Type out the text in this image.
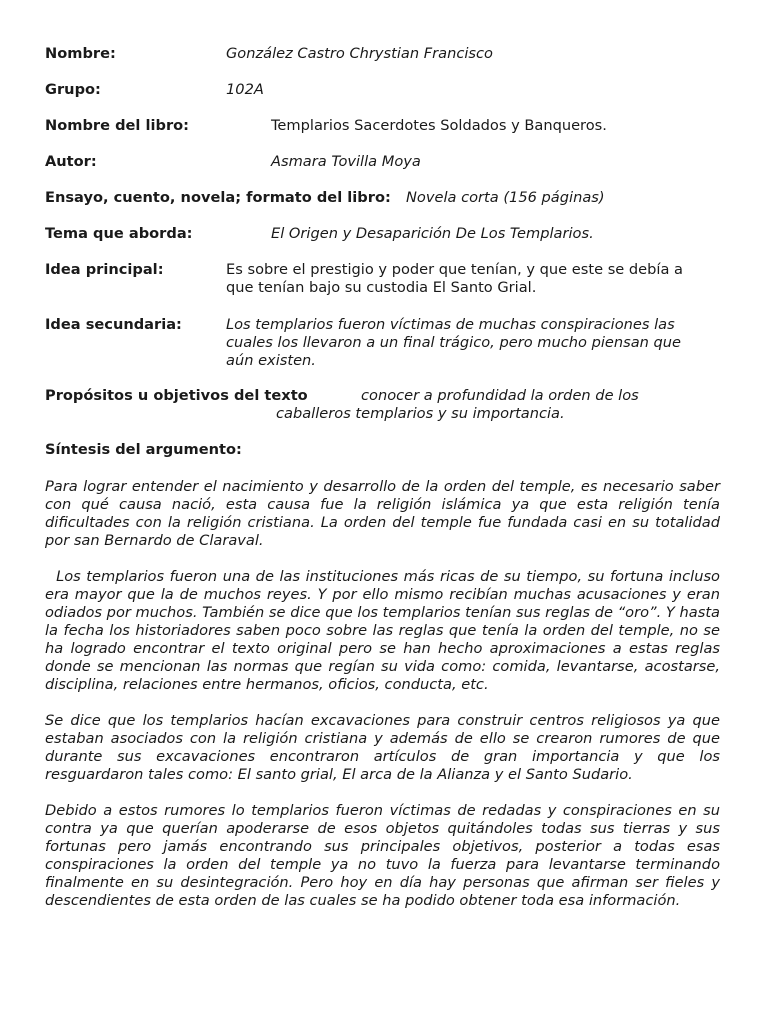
Nombre:	González Castro Chrystian Francisco
Grupo:	102A
Nombre del libro:	Templarios Sacerdotes Soldados y Banqueros.
Autor:	Asmara Tovilla Moya
Ensayo, cuento, novela; formato del libro: Novela corta (156 páginas)
Tema que aborda:	El Origen y Desaparición De Los Templarios.
Idea principal:	Es sobre el prestigio y poder que tenían, y que este se debía a
que tenían bajo su custodia El Santo Grial.
Idea secundaria:	Los templarios fueron víctimas de muchas conspiraciones las
cuales los llevaron a un final trágico, pero mucho piensan que
aún existen.
Propósitos u objetivos del texto	conocer a profundidad la orden de los
caballeros templarios y su importancia.
Síntesis del argumento:

Para lograr entender el nacimiento y desarrollo de la orden del temple, es necesario saber con qué causa nació, esta causa fue la religión islámica ya que esta religión tenía dificultades con la religión cristiana. La orden del temple fue fundada casi en su totalidad por san Bernardo de Claraval.

Los templarios fueron una de las instituciones más ricas de su tiempo, su fortuna incluso era mayor que la de muchos reyes. Y por ello mismo recibían muchas acusaciones y eran odiados por muchos. También se dice que los templarios tenían sus reglas de “oro”. Y hasta la fecha los historiadores saben poco sobre las reglas que tenía la orden del temple, no se ha logrado encontrar el texto original pero se han hecho aproximaciones a estas reglas donde se mencionan las normas que regían su vida como: comida, levantarse, acostarse, disciplina, relaciones entre hermanos, oficios, conducta, etc.

Se dice que los templarios hacían excavaciones para construir centros religiosos ya que estaban asociados con la religión cristiana y además de ello se crearon rumores de que durante sus excavaciones encontraron artículos de gran importancia y que los resguardaron tales como: El santo grial, El arca de la Alianza y el Santo Sudario.

Debido a estos rumores lo templarios fueron víctimas de redadas y conspiraciones en su contra ya que querían apoderarse de esos objetos quitándoles todas sus tierras y sus fortunas pero jamás encontrando sus principales objetivos, posterior a todas esas conspiraciones la orden del temple ya no tuvo la fuerza para levantarse terminando finalmente en su desintegración. Pero hoy en día hay personas que afirman ser fieles y descendientes de esta orden de las cuales se ha podido obtener toda esa información.
